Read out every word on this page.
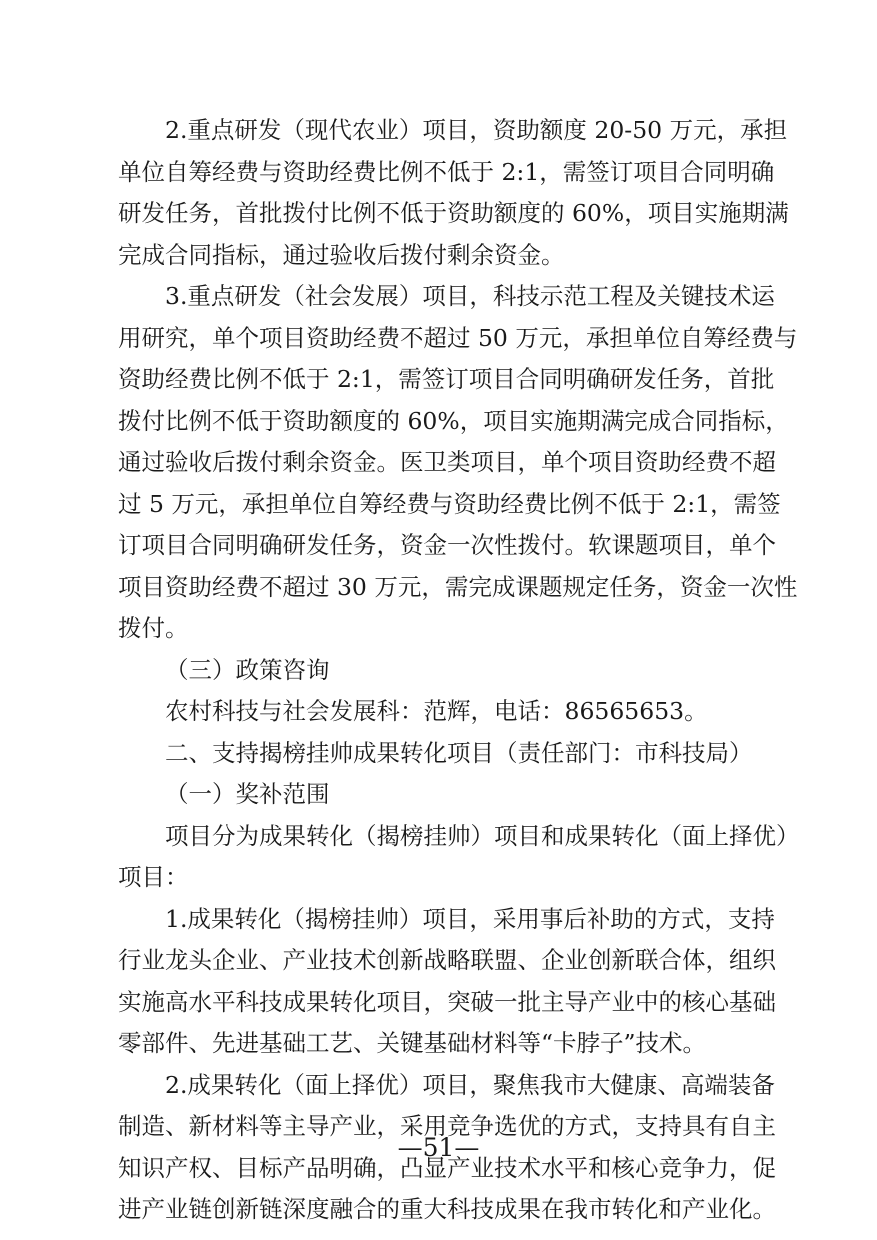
2.重点研发（现代农业）项目，资助额度 20-50 万元，承担
单位自筹经费与资助经费比例不低于 2:1，需签订项目合同明确
研发任务，首批拨付比例不低于资助额度的 60%，项目实施期满
完成合同指标，通过验收后拨付剩余资金。
3.重点研发（社会发展）项目，科技示范工程及关键技术运
用研究，单个项目资助经费不超过 50 万元，承担单位自筹经费与
资助经费比例不低于 2:1，需签订项目合同明确研发任务，首批
拨付比例不低于资助额度的 60%，项目实施期满完成合同指标，
通过验收后拨付剩余资金。医卫类项目，单个项目资助经费不超
过 5 万元，承担单位自筹经费与资助经费比例不低于 2:1，需签
订项目合同明确研发任务，资金一次性拨付。软课题项目，单个
项目资助经费不超过 30 万元，需完成课题规定任务，资金一次性
拨付。
（三）政策咨询
农村科技与社会发展科：范辉，电话：86565653。
二、支持揭榜挂帅成果转化项目（责任部门：市科技局）
（一）奖补范围
项目分为成果转化（揭榜挂帅）项目和成果转化（面上择优）
项目：
1.成果转化（揭榜挂帅）项目，采用事后补助的方式，支持
行业龙头企业、产业技术创新战略联盟、企业创新联合体，组织
实施高水平科技成果转化项目，突破一批主导产业中的核心基础
零部件、先进基础工艺、关键基础材料等“卡脖子”技术。
2.成果转化（面上择优）项目，聚焦我市大健康、高端装备
制造、新材料等主导产业，采用竞争选优的方式，支持具有自主
知识产权、目标产品明确，凸显产业技术水平和核心竞争力，促
进产业链创新链深度融合的重大科技成果在我市转化和产业化。
—51—
